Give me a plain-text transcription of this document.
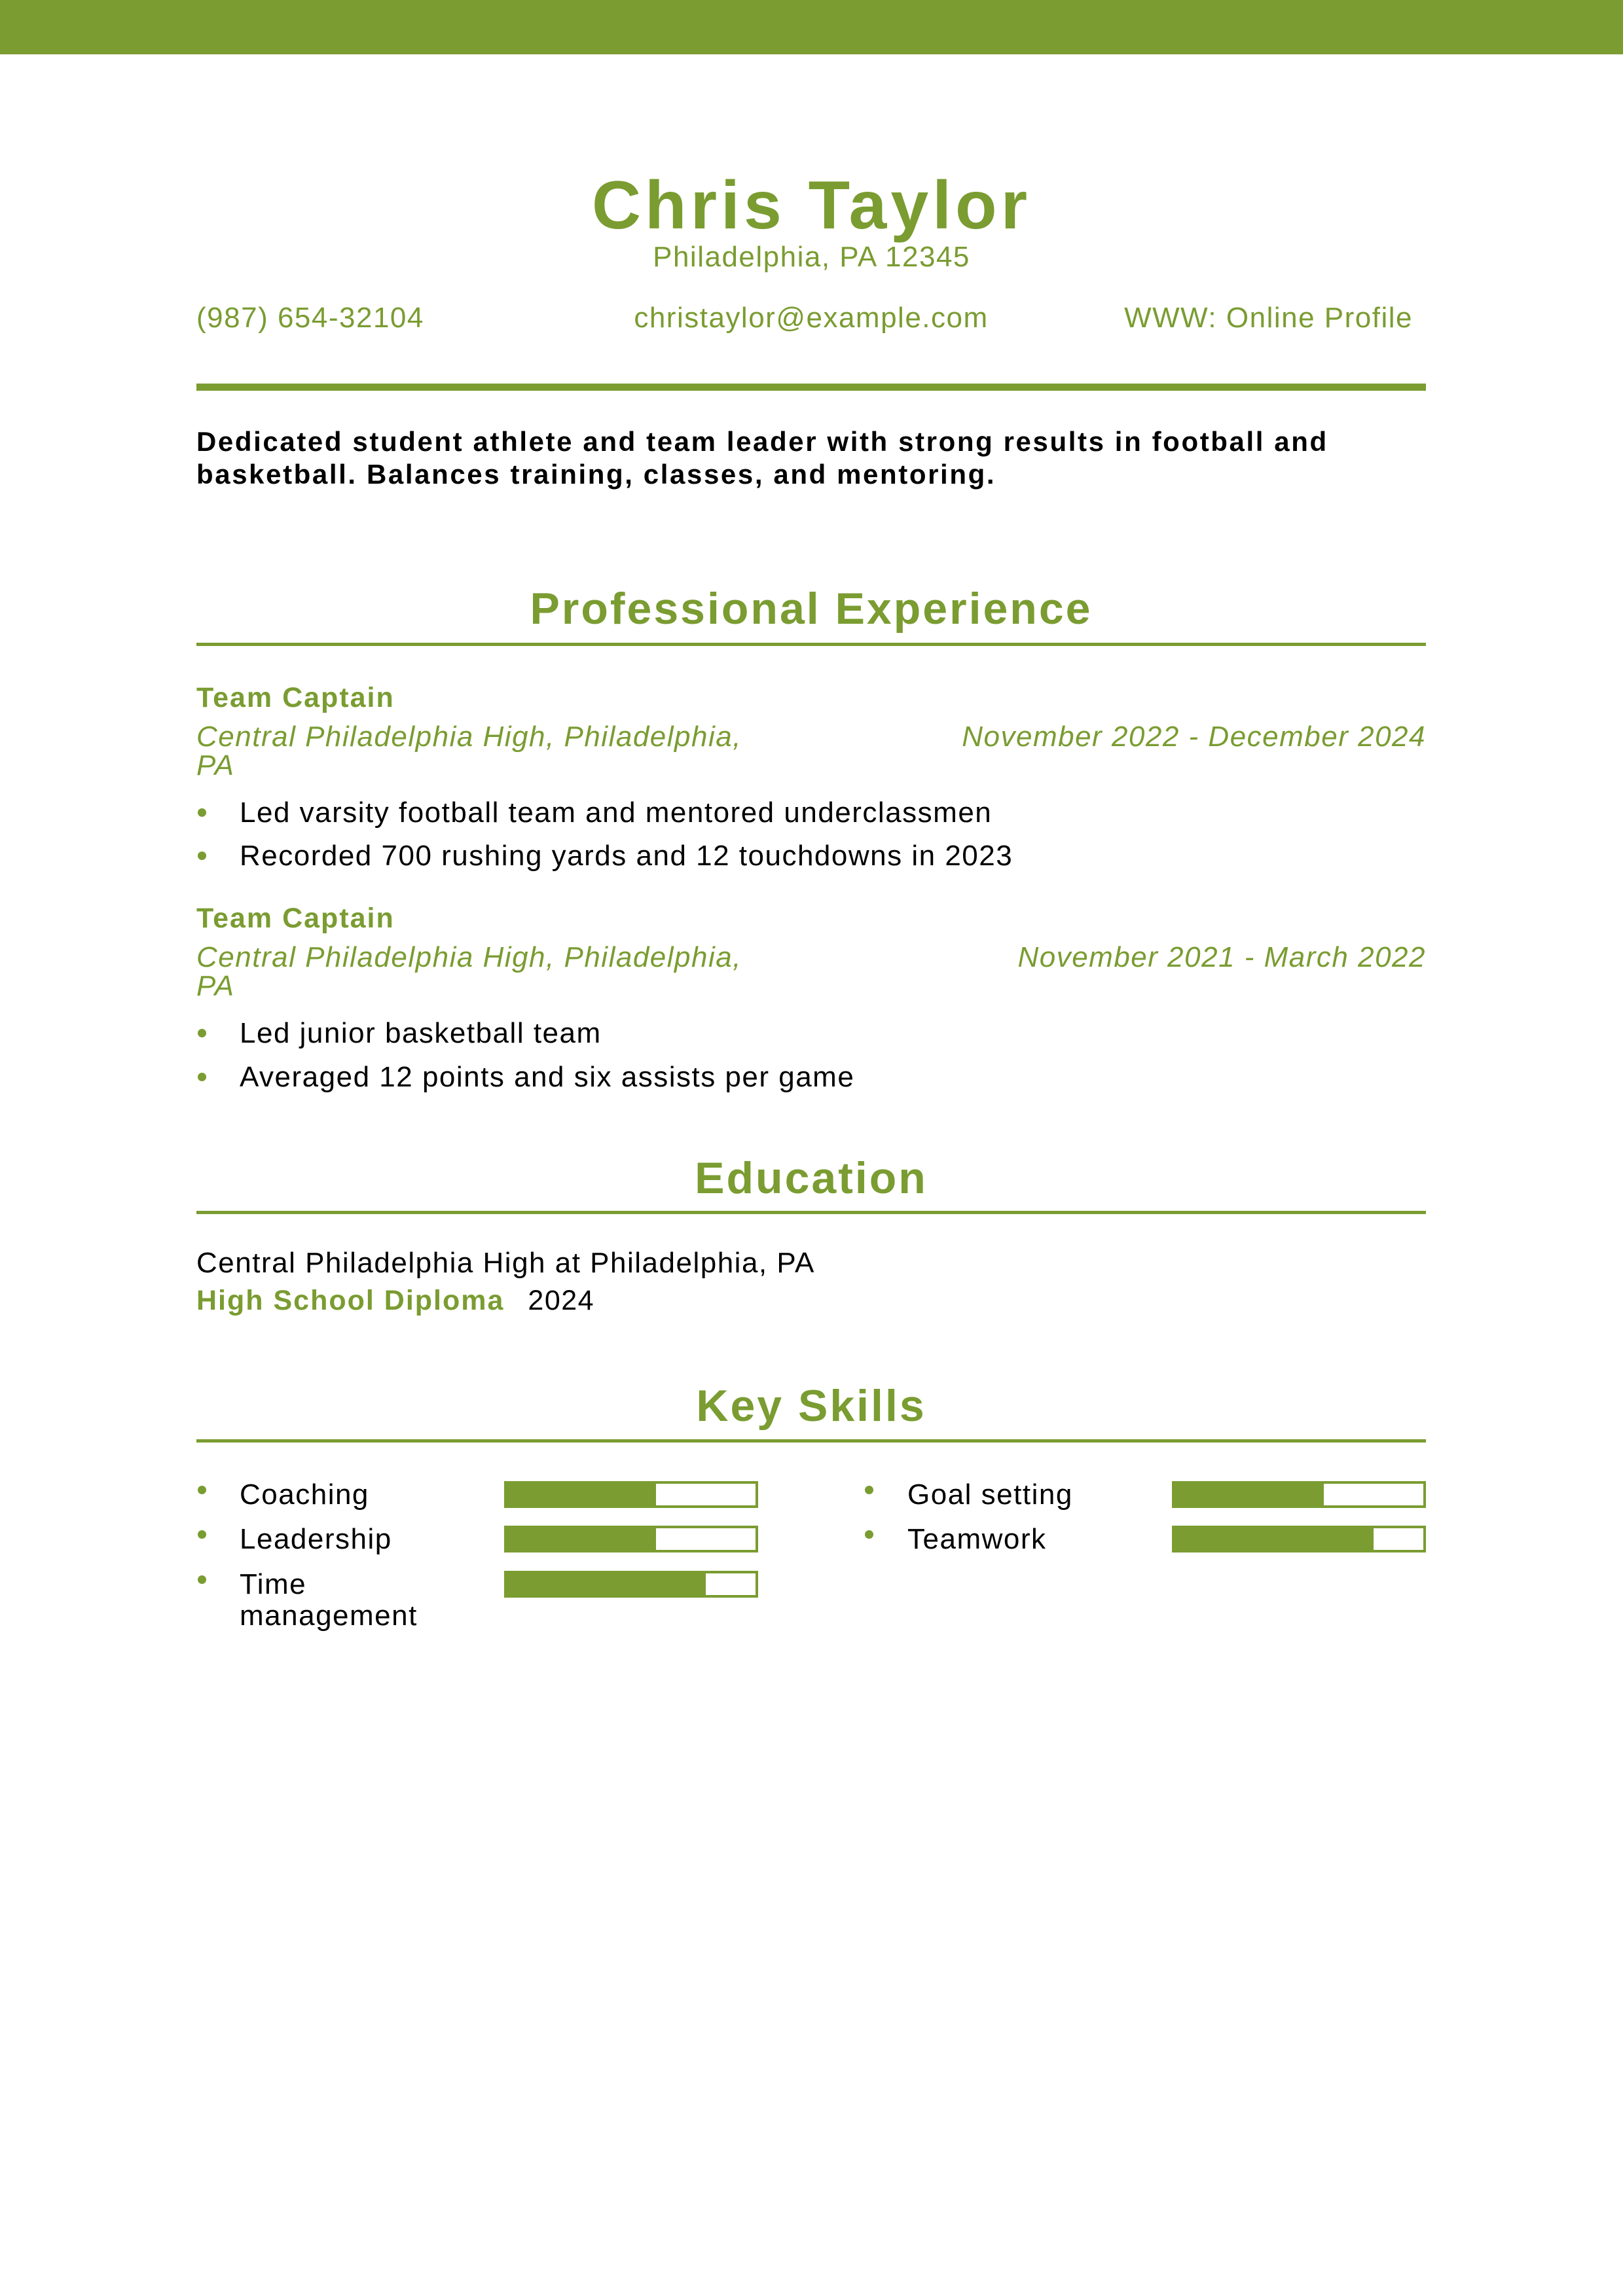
Chris Taylor
Philadelphia, PA 12345
(987) 654-32104	christaylor@example.com	WWW: Online Profile
Dedicated student athlete and team leader with strong results in football and basketball. Balances training, classes, and mentoring.
Professional Experience
Team Captain
Central Philadelphia High, Philadelphia, PA
November 2022 - December 2024
Led varsity football team and mentored underclassmen
Recorded 700 rushing yards and 12 touchdowns in 2023
Team Captain
Central Philadelphia High, Philadelphia, PA
November 2021 - March 2022
Led junior basketball team
Averaged 12 points and six assists per game
Education
Central Philadelphia High at Philadelphia, PA
High School Diploma 2024
Key Skills
Coaching
Leadership
Time management
Goal setting
Teamwork
